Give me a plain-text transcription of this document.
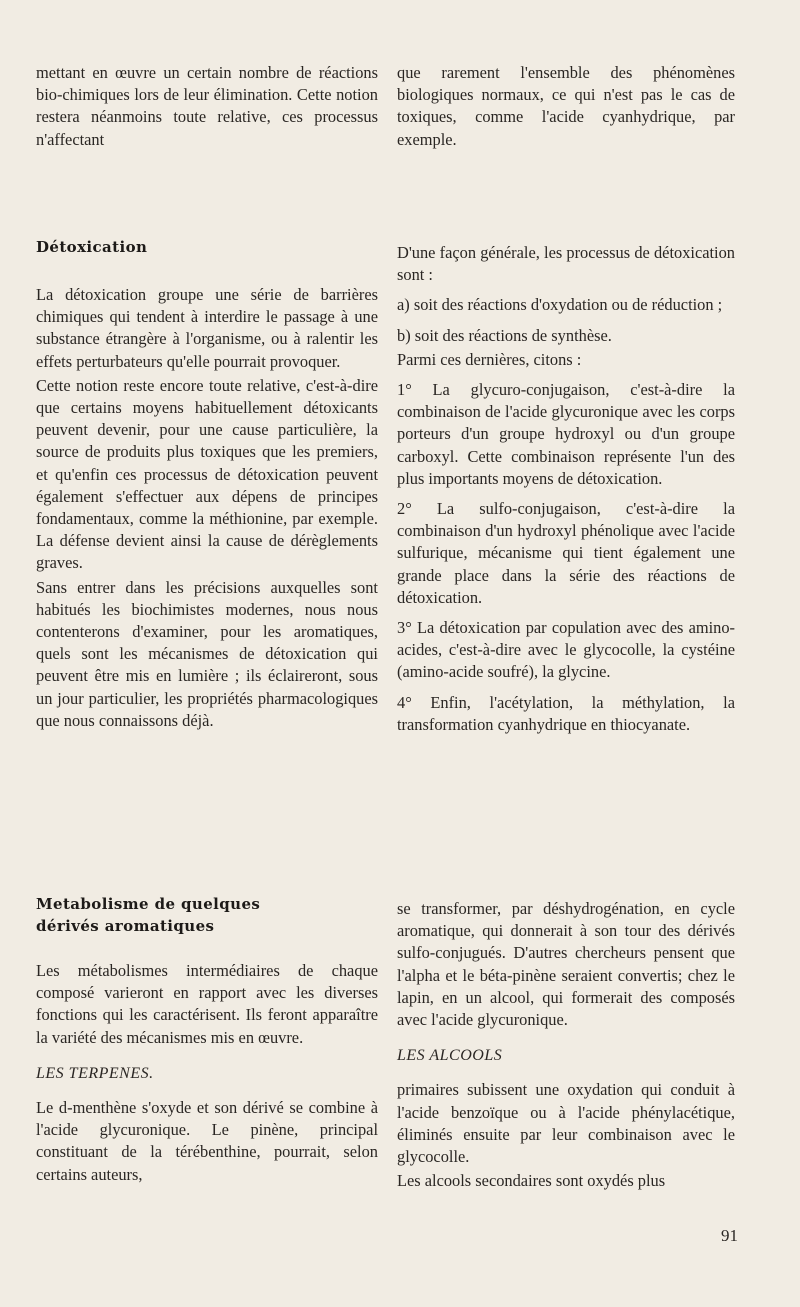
mettant en œuvre un certain nombre de réactions bio-chimiques lors de leur élimination. Cette notion restera néanmoins toute relative, ces processus n'affectant

que rarement l'ensemble des phénomènes biologiques normaux, ce qui n'est pas le cas de toxiques, comme l'acide cyanhydrique, par exemple.

Détoxication

La détoxication groupe une série de barrières chimiques qui tendent à interdire le passage à une substance étrangère à l'organisme, ou à ralentir les effets perturbateurs qu'elle pourrait provoquer.

Cette notion reste encore toute relative, c'est-à-dire que certains moyens habituellement détoxicants peuvent devenir, pour une cause particulière, la source de produits plus toxiques que les premiers, et qu'enfin ces processus de détoxication peuvent également s'effectuer aux dépens de principes fondamentaux, comme la méthionine, par exemple. La défense devient ainsi la cause de dérèglements graves.

Sans entrer dans les précisions auxquelles sont habitués les biochimistes modernes, nous nous contenterons d'examiner, pour les aromatiques, quels sont les mécanismes de détoxication qui peuvent être mis en lumière ; ils éclaireront, sous un jour particulier, les propriétés pharmacologiques que nous connaissons déjà.

D'une façon générale, les processus de détoxication sont :

a) soit des réactions d'oxydation ou de réduction ;

b) soit des réactions de synthèse.

Parmi ces dernières, citons :

1° La glycuro-conjugaison, c'est-à-dire la combinaison de l'acide glycuronique avec les corps porteurs d'un groupe hydroxyl ou d'un groupe carboxyl. Cette combinaison représente l'un des plus importants moyens de détoxication.

2° La sulfo-conjugaison, c'est-à-dire la combinaison d'un hydroxyl phénolique avec l'acide sulfurique, mécanisme qui tient également une grande place dans la série des réactions de détoxication.

3° La détoxication par copulation avec des amino-acides, c'est-à-dire avec le glycocolle, la cystéine (amino-acide soufré), la glycine.

4° Enfin, l'acétylation, la méthylation, la transformation cyanhydrique en thiocyanate.

Metabolisme de quelques
dérivés aromatiques

Les métabolismes intermédiaires de chaque composé varieront en rapport avec les diverses fonctions qui les caractérisent. Ils feront apparaître la variété des mécanismes mis en œuvre.

LES TERPENES.

Le d-menthène s'oxyde et son dérivé se combine à l'acide glycuronique. Le pinène, principal constituant de la térébenthine, pourrait, selon certains auteurs,

se transformer, par déshydrogénation, en cycle aromatique, qui donnerait à son tour des dérivés sulfo-conjugués. D'autres chercheurs pensent que l'alpha et le béta-pinène seraient convertis; chez le lapin, en un alcool, qui formerait des composés avec l'acide glycuronique.

LES ALCOOLS

primaires subissent une oxydation qui conduit à l'acide benzoïque ou à l'acide phénylacétique, éliminés ensuite par leur combinaison avec le glycocolle.

Les alcools secondaires sont oxydés plus

91
